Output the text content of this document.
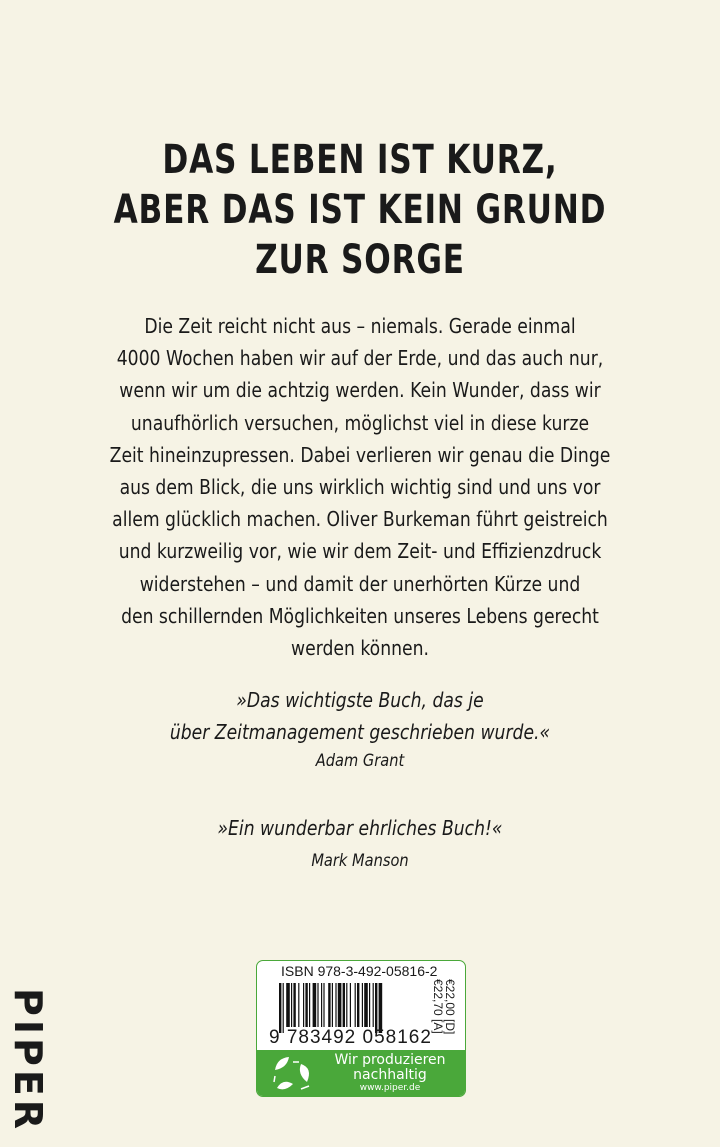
DAS LEBEN IST KURZ,
ABER DAS IST KEIN GRUND
ZUR SORGE
Die Zeit reicht nicht aus – niemals. Gerade einmal
4000 Wochen haben wir auf der Erde, und das auch nur,
wenn wir um die achtzig werden. Kein Wunder, dass wir
unaufhörlich versuchen, möglichst viel in diese kurze
Zeit hineinzupressen. Dabei verlieren wir genau die Dinge
aus dem Blick, die uns wirklich wichtig sind und uns vor
allem glücklich machen. Oliver Burkeman führt geistreich
und kurzweilig vor, wie wir dem Zeit- und Effizienzdruck
widerstehen – und damit der unerhörten Kürze und
den schillernden Möglichkeiten unseres Lebens gerecht
werden können.
»Das wichtigste Buch, das je
über Zeitmanagement geschrieben wurde.«
Adam Grant
»Ein wunderbar ehrliches Buch!«
Mark Manson
PIPER
ISBN 978-3-492-05816-2
9 783492 058162
€22,00 [D]
€22,70 [A]
Wir produzieren
nachhaltig
www.piper.de
